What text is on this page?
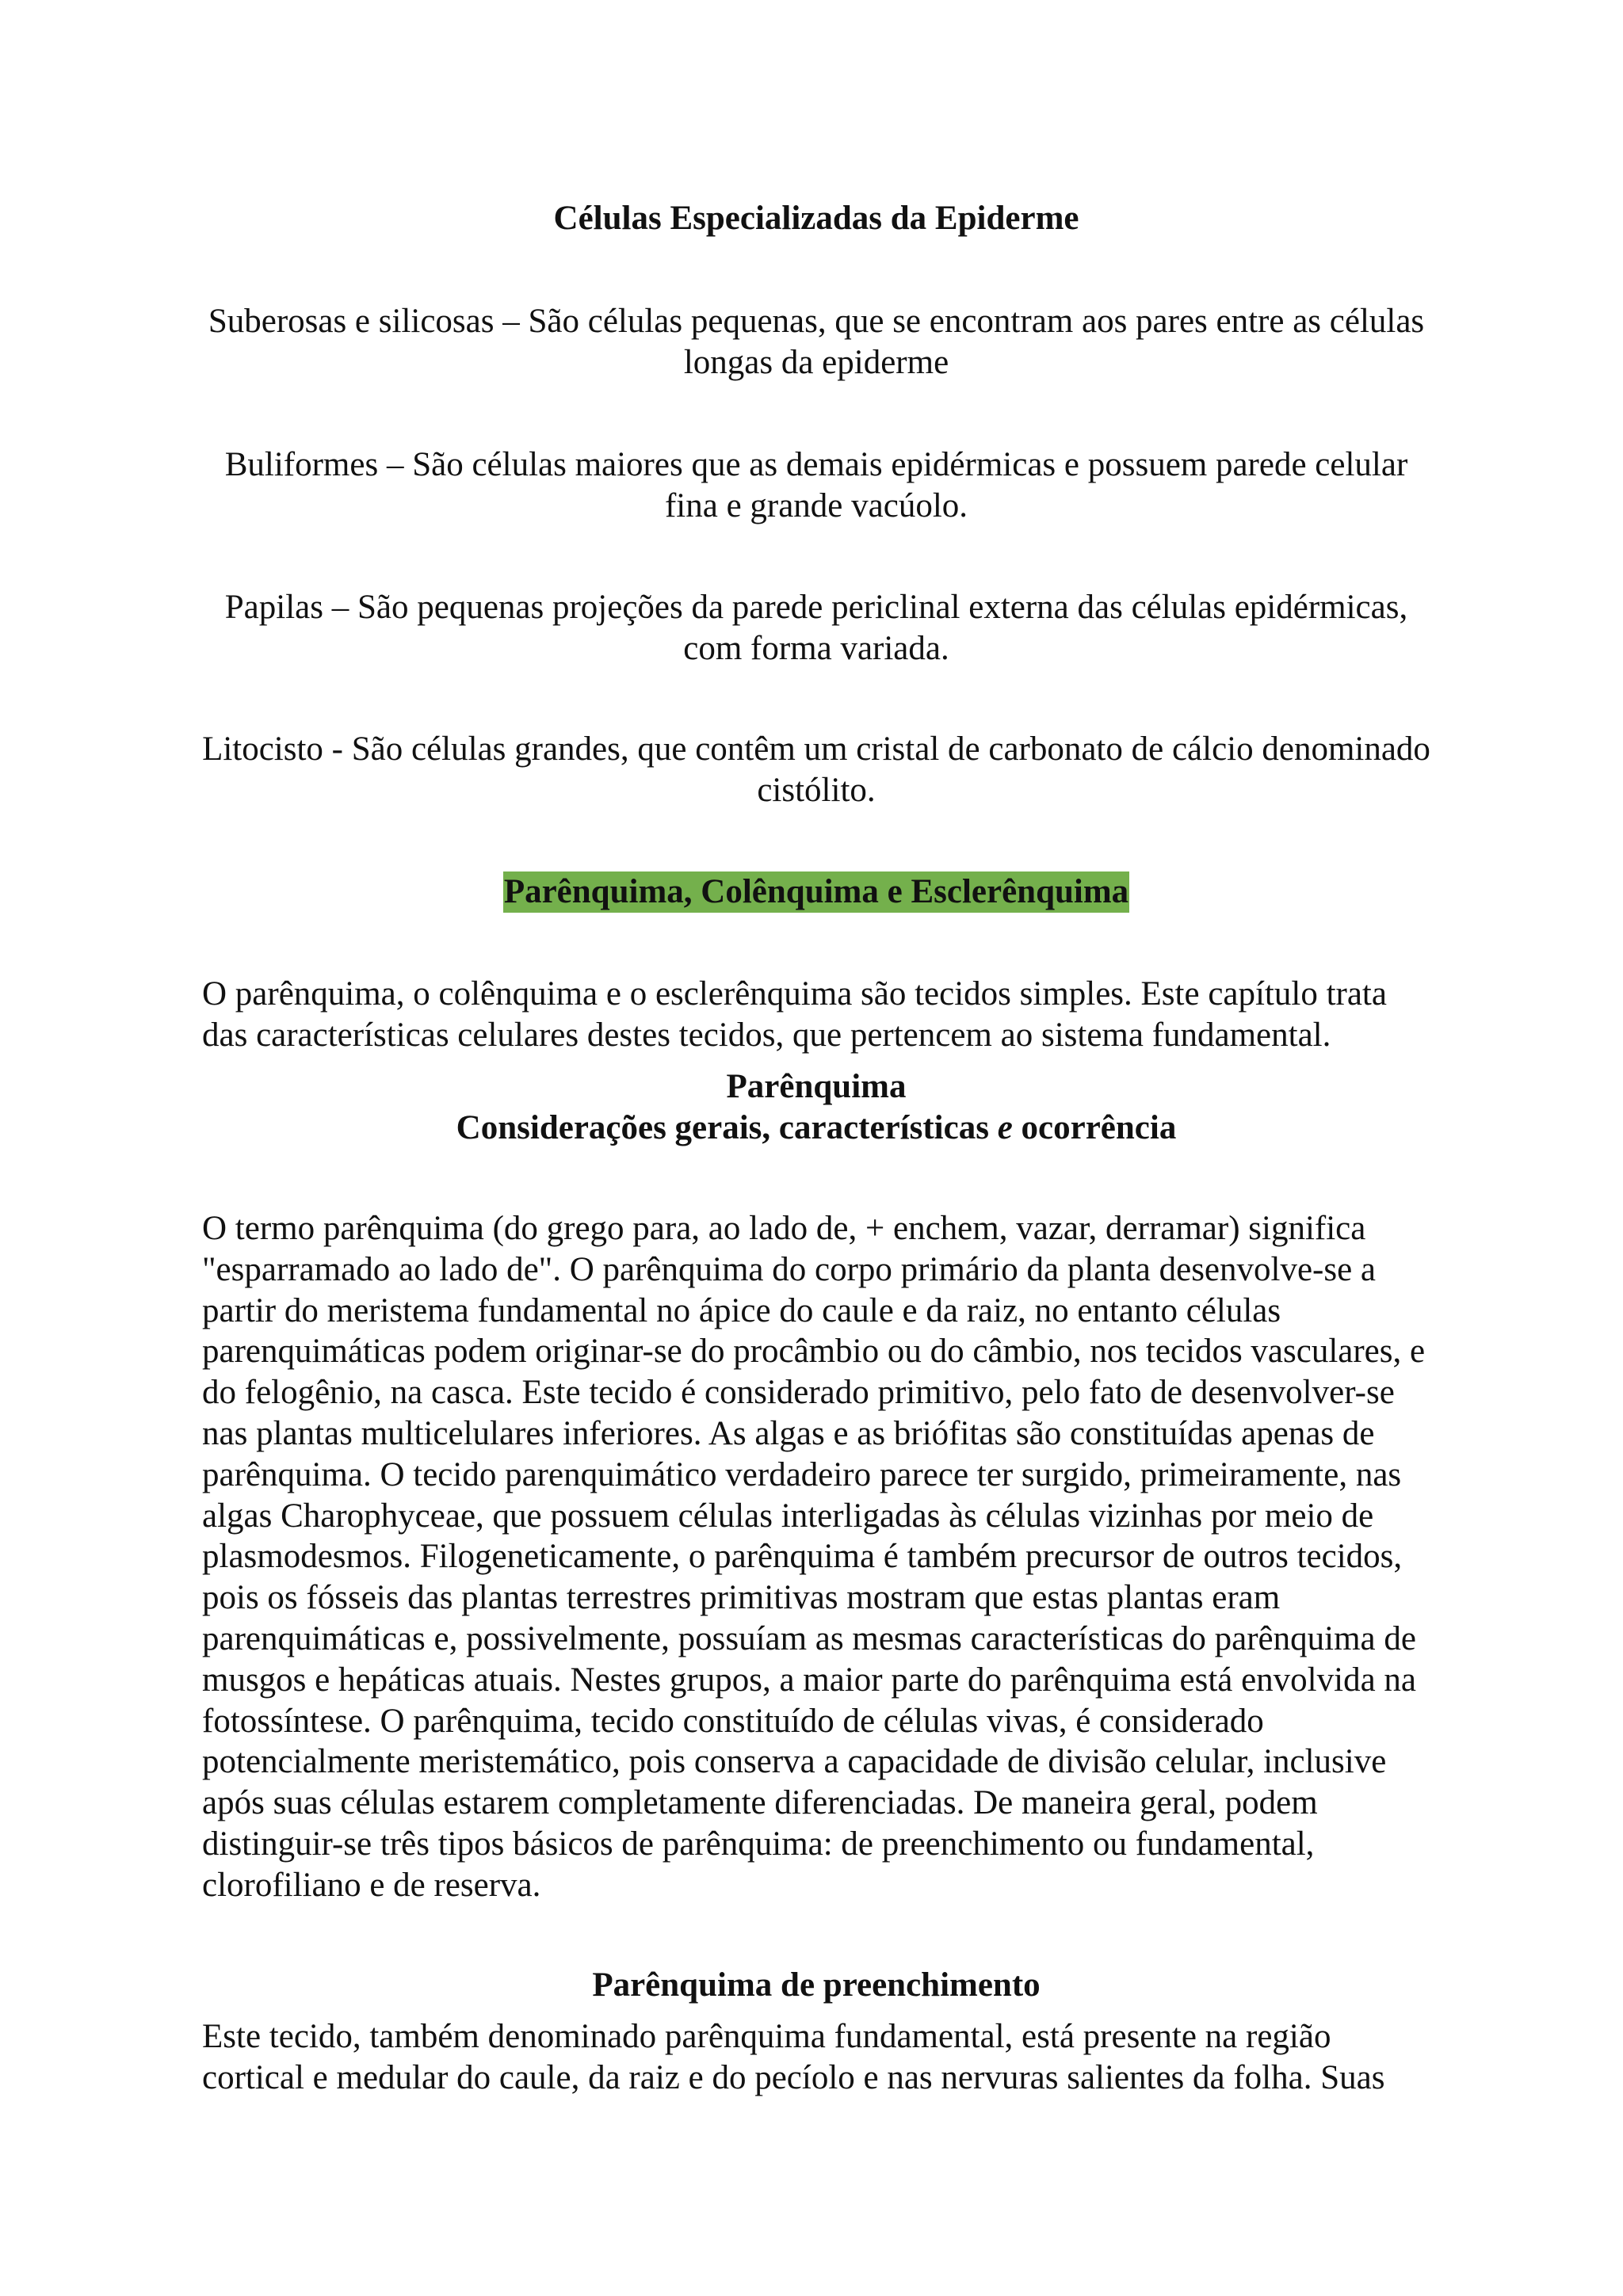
Células Especializadas da Epiderme
Suberosas e silicosas – São células pequenas, que se encontram aos pares entre as células
longas da epiderme
Buliformes – São células maiores que as demais epidérmicas e possuem parede celular
fina e grande vacúolo.
Papilas – São pequenas projeções da parede periclinal externa das células epidérmicas,
com forma variada.
Litocisto - São células grandes, que contêm um cristal de carbonato de cálcio denominado
cistólito.
Parênquima, Colênquima e Esclerênquima
O parênquima, o colênquima e o esclerênquima são tecidos simples. Este capítulo trata
das características celulares destes tecidos, que pertencem ao sistema fundamental.
Parênquima
Considerações gerais, características e ocorrência
O termo parênquima (do grego para, ao lado de, + enchem, vazar, derramar) significa
"esparramado ao lado de". O parênquima do corpo primário da planta desenvolve-se a
partir do meristema fundamental no ápice do caule e da raiz, no entanto células
parenquimáticas podem originar-se do procâmbio ou do câmbio, nos tecidos vasculares, e
do felogênio, na casca. Este tecido é considerado primitivo, pelo fato de desenvolver-se
nas plantas multicelulares inferiores. As algas e as briófitas são constituídas apenas de
parênquima. O tecido parenquimático verdadeiro parece ter surgido, primeiramente, nas
algas Charophyceae, que possuem células interligadas às células vizinhas por meio de
plasmodesmos. Filogeneticamente, o parênquima é também precursor de outros tecidos,
pois os fósseis das plantas terrestres primitivas mostram que estas plantas eram
parenquimáticas e, possivelmente, possuíam as mesmas características do parênquima de
musgos e hepáticas atuais. Nestes grupos, a maior parte do parênquima está envolvida na
fotossíntese. O parênquima, tecido constituído de células vivas, é considerado
potencialmente meristemático, pois conserva a capacidade de divisão celular, inclusive
após suas células estarem completamente diferenciadas. De maneira geral, podem
distinguir-se três tipos básicos de parênquima: de preenchimento ou fundamental,
clorofiliano e de reserva.
Parênquima de preenchimento
Este tecido, também denominado parênquima fundamental, está presente na região
cortical e medular do caule, da raiz e do pecíolo e nas nervuras salientes da folha. Suas
